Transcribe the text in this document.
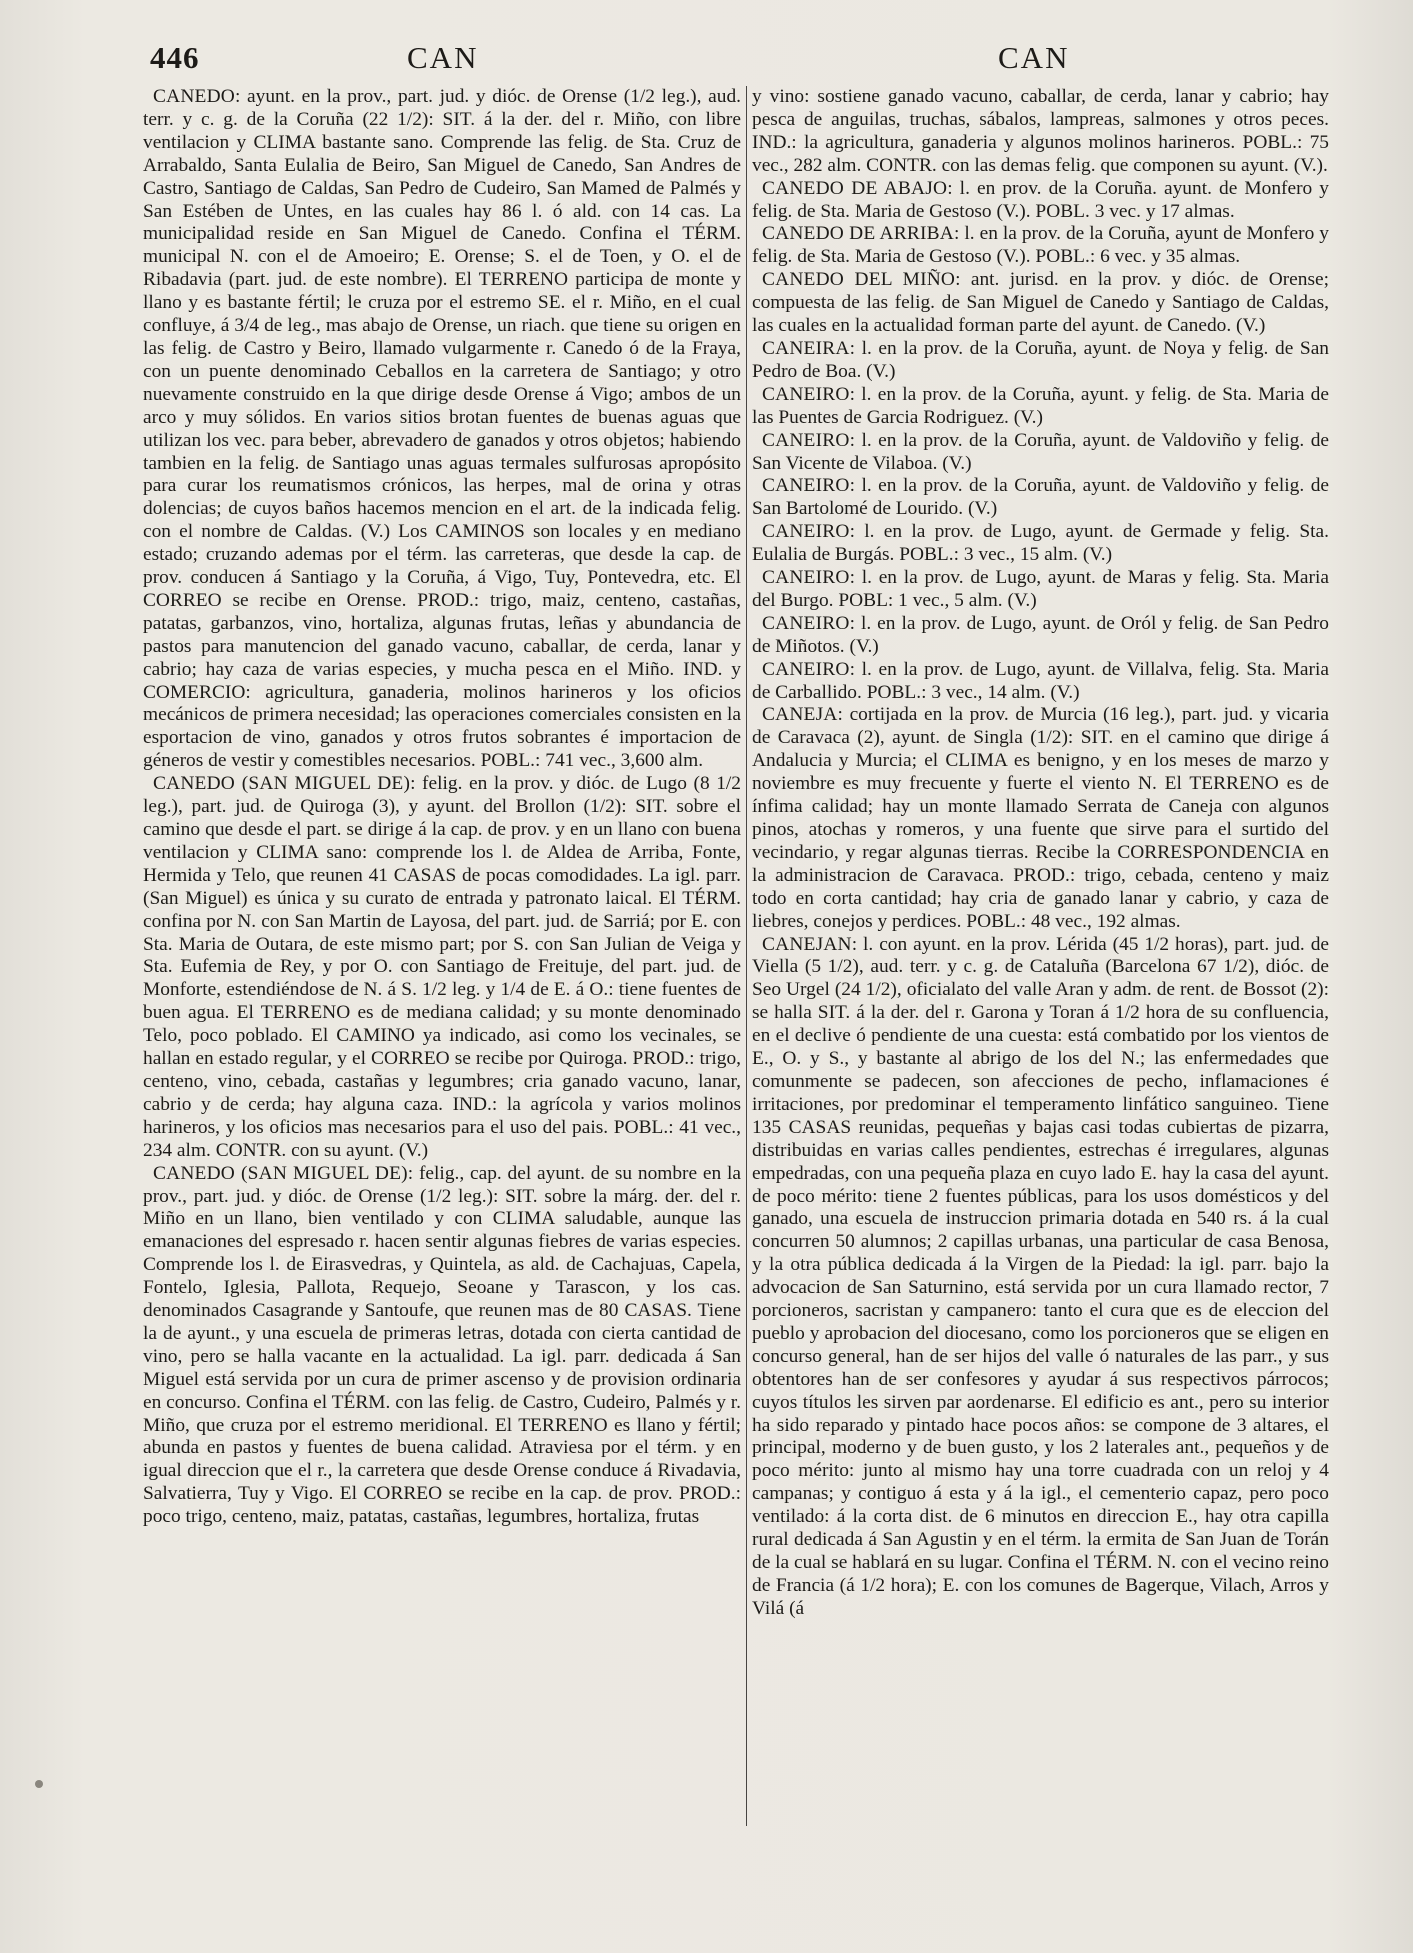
446	CAN	CAN

CANEDO: ayunt. en la prov., part. jud. y dióc. de Orense (1/2 leg.), aud. terr. y c. g. de la Coruña (22 1/2): SIT. á la der. del r. Miño, con libre ventilacion y CLIMA bastante sano. Comprende las felig. de Sta. Cruz de Arrabaldo, Santa Eulalia de Beiro, San Miguel de Canedo, San Andres de Castro, Santiago de Caldas, San Pedro de Cudeiro, San Mamed de Palmés y San Estében de Untes, en las cuales hay 86 l. ó ald. con 14 cas. La municipalidad reside en San Miguel de Canedo. Confina el TÉRM. municipal N. con el de Amoeiro; E. Orense; S. el de Toen, y O. el de Ribadavia (part. jud. de este nombre). El TERRENO participa de monte y llano y es bastante fértil; le cruza por el estremo SE. el r. Miño, en el cual confluye, á 3/4 de leg., mas abajo de Orense, un riach. que tiene su origen en las felig. de Castro y Beiro, llamado vulgarmente r. Canedo ó de la Fraya, con un puente denominado Ceballos en la carretera de Santiago; y otro nuevamente construido en la que dirige desde Orense á Vigo; ambos de un arco y muy sólidos. En varios sitios brotan fuentes de buenas aguas que utilizan los vec. para beber, abrevadero de ganados y otros objetos; habiendo tambien en la felig. de Santiago unas aguas termales sulfurosas apropósito para curar los reumatismos crónicos, las herpes, mal de orina y otras dolencias; de cuyos baños hacemos mencion en el art. de la indicada felig. con el nombre de Caldas. (V.) Los CAMINOS son locales y en mediano estado; cruzando ademas por el térm. las carreteras, que desde la cap. de prov. conducen á Santiago y la Coruña, á Vigo, Tuy, Pontevedra, etc. El CORREO se recibe en Orense. PROD.: trigo, maiz, centeno, castañas, patatas, garbanzos, vino, hortaliza, algunas frutas, leñas y abundancia de pastos para manutencion del ganado vacuno, caballar, de cerda, lanar y cabrio; hay caza de varias especies, y mucha pesca en el Miño. IND. y COMERCIO: agricultura, ganaderia, molinos harineros y los oficios mecánicos de primera necesidad; las operaciones comerciales consisten en la esportacion de vino, ganados y otros frutos sobrantes é importacion de géneros de vestir y comestibles necesarios. POBL.: 741 vec., 3,600 alm.

CANEDO (SAN MIGUEL DE): felig. en la prov. y dióc. de Lugo (8 1/2 leg.), part. jud. de Quiroga (3), y ayunt. del Brollon (1/2): SIT. sobre el camino que desde el part. se dirige á la cap. de prov. y en un llano con buena ventilacion y CLIMA sano: comprende los l. de Aldea de Arriba, Fonte, Hermida y Telo, que reunen 41 CASAS de pocas comodidades. La igl. parr. (San Miguel) es única y su curato de entrada y patronato laical. El TÉRM. confina por N. con San Martin de Layosa, del part. jud. de Sarriá; por E. con Sta. Maria de Outara, de este mismo part; por S. con San Julian de Veiga y Sta. Eufemia de Rey, y por O. con Santiago de Freituje, del part. jud. de Monforte, estendiéndose de N. á S. 1/2 leg. y 1/4 de E. á O.: tiene fuentes de buen agua. El TERRENO es de mediana calidad; y su monte denominado Telo, poco poblado. El CAMINO ya indicado, asi como los vecinales, se hallan en estado regular, y el CORREO se recibe por Quiroga. PROD.: trigo, centeno, vino, cebada, castañas y legumbres; cria ganado vacuno, lanar, cabrio y de cerda; hay alguna caza. IND.: la agrícola y varios molinos harineros, y los oficios mas necesarios para el uso del pais. POBL.: 41 vec., 234 alm. CONTR. con su ayunt. (V.)

CANEDO (SAN MIGUEL DE): felig., cap. del ayunt. de su nombre en la prov., part. jud. y dióc. de Orense (1/2 leg.): SIT. sobre la márg. der. del r. Miño en un llano, bien ventilado y con CLIMA saludable, aunque las emanaciones del espresado r. hacen sentir algunas fiebres de varias especies. Comprende los l. de Eirasvedras, y Quintela, as ald. de Cachajuas, Capela, Fontelo, Iglesia, Pallota, Requejo, Seoane y Tarascon, y los cas. denominados Casagrande y Santoufe, que reunen mas de 80 CASAS. Tiene la de ayunt., y una escuela de primeras letras, dotada con cierta cantidad de vino, pero se halla vacante en la actualidad. La igl. parr. dedicada á San Miguel está servida por un cura de primer ascenso y de provision ordinaria en concurso. Confina el TÉRM. con las felig. de Castro, Cudeiro, Palmés y r. Miño, que cruza por el estremo meridional. El TERRENO es llano y fértil; abunda en pastos y fuentes de buena calidad. Atraviesa por el térm. y en igual direccion que el r., la carretera que desde Orense conduce á Rivadavia, Salvatierra, Tuy y Vigo. El CORREO se recibe en la cap. de prov. PROD.: poco trigo, centeno, maiz, patatas, castañas, legumbres, hortaliza, frutas

y vino: sostiene ganado vacuno, caballar, de cerda, lanar y cabrio; hay pesca de anguilas, truchas, sábalos, lampreas, salmones y otros peces. IND.: la agricultura, ganaderia y algunos molinos harineros. POBL.: 75 vec., 282 alm. CONTR. con las demas felig. que componen su ayunt. (V.).

CANEDO DE ABAJO: l. en prov. de la Coruña. ayunt. de Monfero y felig. de Sta. Maria de Gestoso (V.). POBL. 3 vec. y 17 almas.

CANEDO DE ARRIBA: l. en la prov. de la Coruña, ayunt de Monfero y felig. de Sta. Maria de Gestoso (V.). POBL.: 6 vec. y 35 almas.

CANEDO DEL MIÑO: ant. jurisd. en la prov. y dióc. de Orense; compuesta de las felig. de San Miguel de Canedo y Santiago de Caldas, las cuales en la actualidad forman parte del ayunt. de Canedo. (V.)

CANEIRA: l. en la prov. de la Coruña, ayunt. de Noya y felig. de San Pedro de Boa. (V.)

CANEIRO: l. en la prov. de la Coruña, ayunt. y felig. de Sta. Maria de las Puentes de Garcia Rodriguez. (V.)

CANEIRO: l. en la prov. de la Coruña, ayunt. de Valdoviño y felig. de San Vicente de Vilaboa. (V.)

CANEIRO: l. en la prov. de la Coruña, ayunt. de Valdoviño y felig. de San Bartolomé de Lourido. (V.)

CANEIRO: l. en la prov. de Lugo, ayunt. de Germade y felig. Sta. Eulalia de Burgás. POBL.: 3 vec., 15 alm. (V.)

CANEIRO: l. en la prov. de Lugo, ayunt. de Maras y felig. Sta. Maria del Burgo. POBL: 1 vec., 5 alm. (V.)

CANEIRO: l. en la prov. de Lugo, ayunt. de Oról y felig. de San Pedro de Miñotos. (V.)

CANEIRO: l. en la prov. de Lugo, ayunt. de Villalva, felig. Sta. Maria de Carballido. POBL.: 3 vec., 14 alm. (V.)

CANEJA: cortijada en la prov. de Murcia (16 leg.), part. jud. y vicaria de Caravaca (2), ayunt. de Singla (1/2): SIT. en el camino que dirige á Andalucia y Murcia; el CLIMA es benigno, y en los meses de marzo y noviembre es muy frecuente y fuerte el viento N. El TERRENO es de ínfima calidad; hay un monte llamado Serrata de Caneja con algunos pinos, atochas y romeros, y una fuente que sirve para el surtido del vecindario, y regar algunas tierras. Recibe la CORRESPONDENCIA en la administracion de Caravaca. PROD.: trigo, cebada, centeno y maiz todo en corta cantidad; hay cria de ganado lanar y cabrio, y caza de liebres, conejos y perdices. POBL.: 48 vec., 192 almas.

CANEJAN: l. con ayunt. en la prov. Lérida (45 1/2 horas), part. jud. de Viella (5 1/2), aud. terr. y c. g. de Cataluña (Barcelona 67 1/2), dióc. de Seo Urgel (24 1/2), oficialato del valle Aran y adm. de rent. de Bossot (2): se halla SIT. á la der. del r. Garona y Toran á 1/2 hora de su confluencia, en el declive ó pendiente de una cuesta: está combatido por los vientos de E., O. y S., y bastante al abrigo de los del N.; las enfermedades que comunmente se padecen, son afecciones de pecho, inflamaciones é irritaciones, por predominar el temperamento linfático sanguineo. Tiene 135 CASAS reunidas, pequeñas y bajas casi todas cubiertas de pizarra, distribuidas en varias calles pendientes, estrechas é irregulares, algunas empedradas, con una pequeña plaza en cuyo lado E. hay la casa del ayunt. de poco mérito: tiene 2 fuentes públicas, para los usos domésticos y del ganado, una escuela de instruccion primaria dotada en 540 rs. á la cual concurren 50 alumnos; 2 capillas urbanas, una particular de casa Benosa, y la otra pública dedicada á la Virgen de la Piedad: la igl. parr. bajo la advocacion de San Saturnino, está servida por un cura llamado rector, 7 porcioneros, sacristan y campanero: tanto el cura que es de eleccion del pueblo y aprobacion del diocesano, como los porcioneros que se eligen en concurso general, han de ser hijos del valle ó naturales de las parr., y sus obtentores han de ser confesores y ayudar á sus respectivos párrocos; cuyos títulos les sirven par aordenarse. El edificio es ant., pero su interior ha sido reparado y pintado hace pocos años: se compone de 3 altares, el principal, moderno y de buen gusto, y los 2 laterales ant., pequeños y de poco mérito: junto al mismo hay una torre cuadrada con un reloj y 4 campanas; y contiguo á esta y á la igl., el cementerio capaz, pero poco ventilado: á la corta dist. de 6 minutos en direccion E., hay otra capilla rural dedicada á San Agustin y en el térm. la ermita de San Juan de Torán de la cual se hablará en su lugar. Confina el TÉRM. N. con el vecino reino de Francia (á 1/2 hora); E. con los comunes de Bagerque, Vilach, Arros y Vilá (á
